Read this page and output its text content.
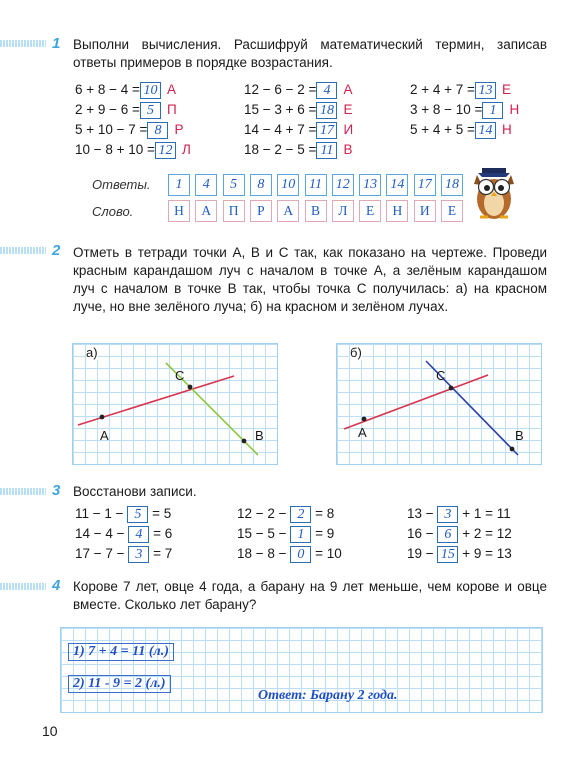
1 Выполни вычисления. Расшифруй математический термин, записав ответы примеров в порядке возрастания.
6 + 8 − 4 = 10 А
2 + 9 − 6 = 5 П
5 + 10 − 7 = 8 Р
10 − 8 + 10 = 12 Л
12 − 6 − 2 = 4 А
15 − 3 + 6 = 18 Е
14 − 4 + 7 = 17 И
18 − 2 − 5 = 11 В
2 + 4 + 7 = 13 Е
3 + 8 − 10 = 1 Н
5 + 4 + 5 = 14 Н
Ответы.
Слово.
1	4	5	8	10 11 12 13 14 17 18
Н	А	П	Р	А	В	Л	Е	Н	И	Е
2 Отметь в тетради точки A, B и C так, как показано на чертеже. Проведи красным карандашом луч с началом в точке A, а зелёным карандашом луч с началом в точке B так, чтобы точка C получилась: а) на красном луче, но вне зелёного луча; б) на красном и зелёном лучах.
а)
A	B
C
б)
A	B
C
3 Восстанови записи.
11 − 1 − 5 = 5
14 − 4 − 4 = 6
17 − 7 − 3 = 7
12 − 2 − 2 = 8
15 − 5 − 1 = 9
18 − 8 − 0 = 10
13 − 3 + 1 = 11
16 − 6 + 2 = 12
19 − 15 + 9 = 13
4 Корове 7 лет, овце 4 года, а барану на 9 лет меньше, чем корове и овце вместе. Сколько лет барану?
1) 7 + 4 = 11 (л.)
2) 11 - 9 = 2 (л.)
Ответ: Барану 2 года.
10
